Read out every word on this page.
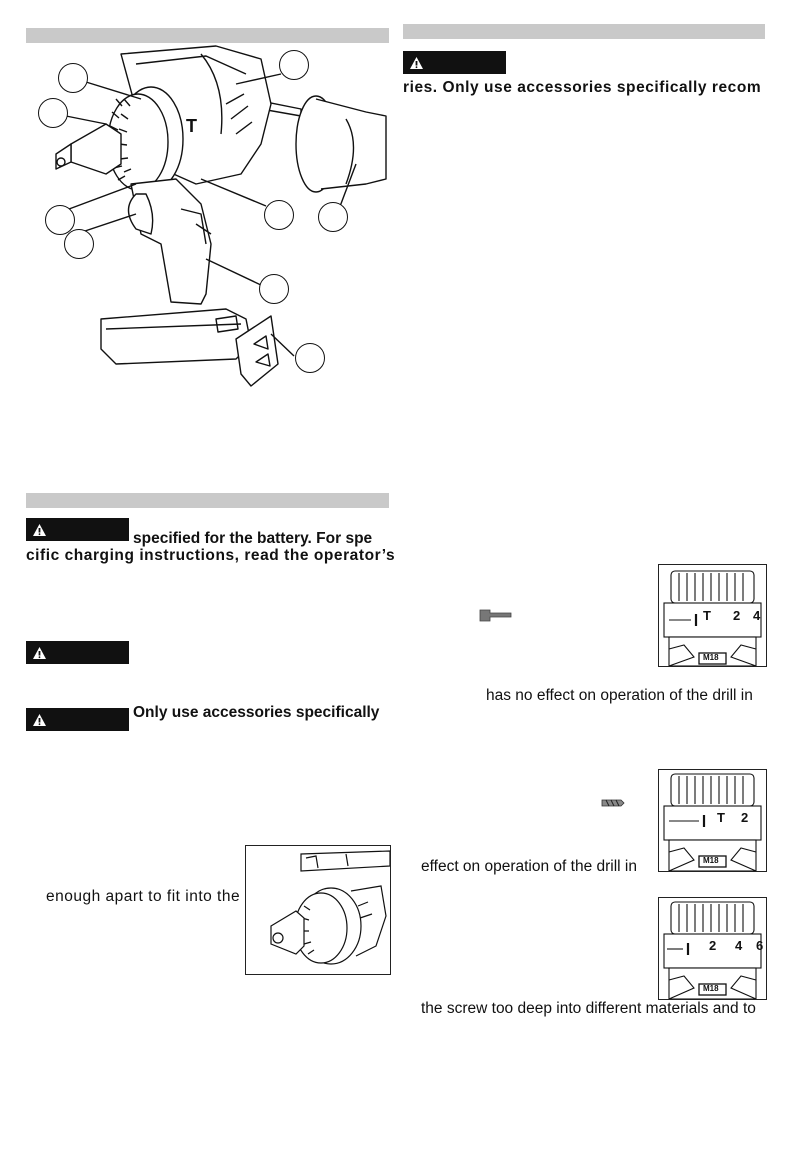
T
specified for the battery. For spe
cific charging instructions, read the operator’s
Only use accessories specifically
enough apart to fit into the
ries. Only use accessories specifically recom
T 2 4
M18
has no effect on operation of the drill in
T 2
M18
effect on operation of the drill in
2 4 6
M18
the screw too deep into different materials and to
